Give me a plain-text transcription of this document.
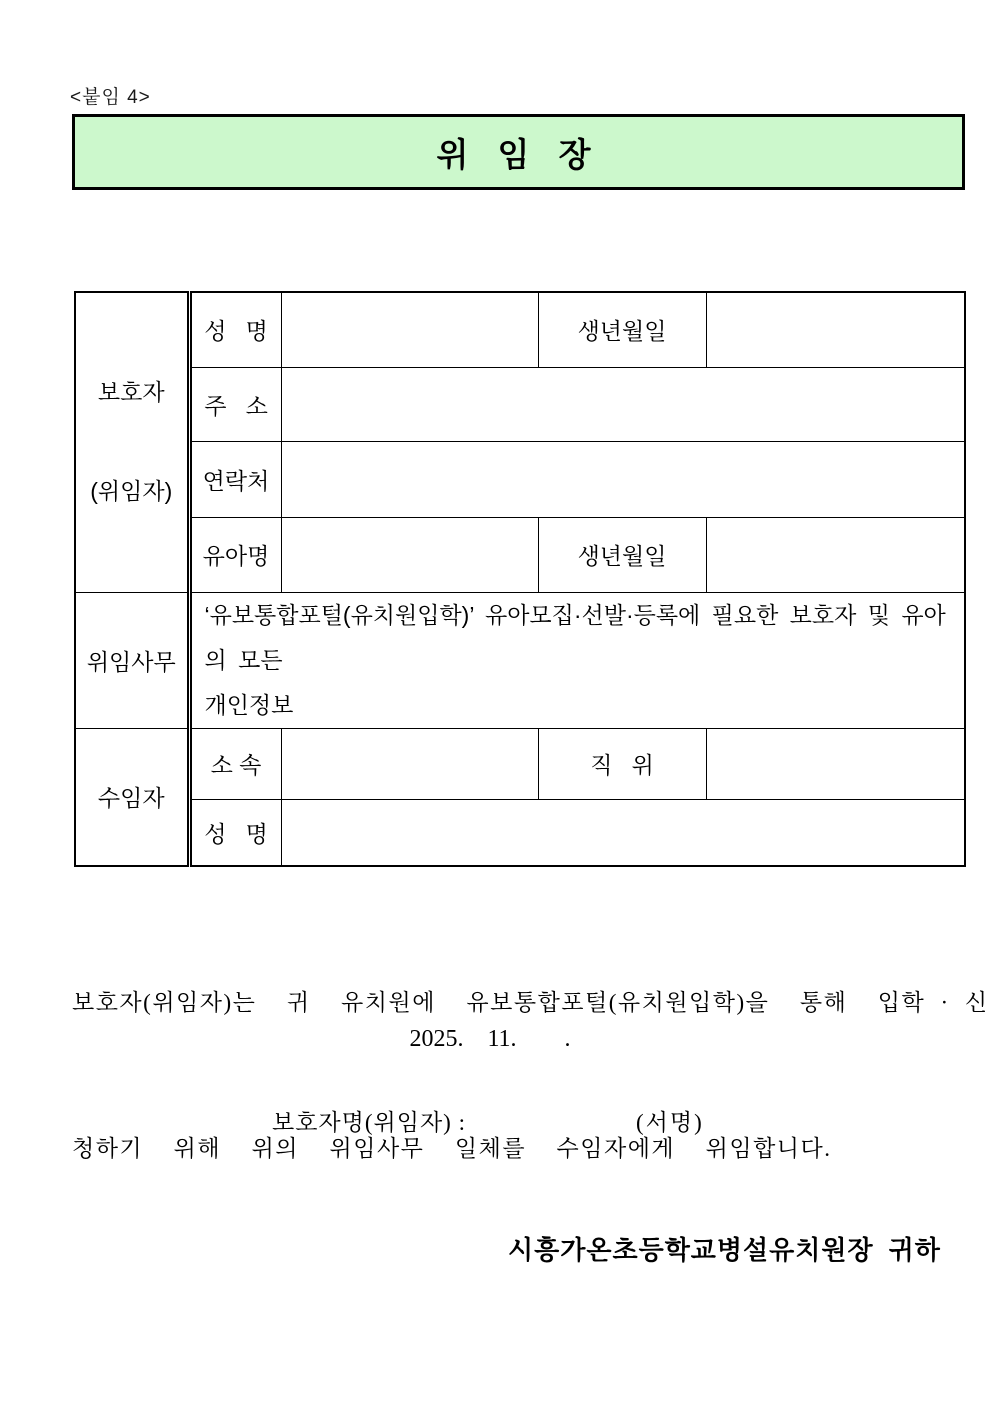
<붙임 4>
위 임 장

보호자

(위임자)	성   명		생년월일	
	주   소			
	연락처			
	유아명		생년월일	
위임사무	‘유보통합포털(유치원입학)’ 유아모집·선발·등록에 필요한 보호자 및 유아의 모든
개인정보			

수임자	소 속		직   위	
	성   명			

보호자(위임자)는  귀  유치원에  유보통합포털(유치원입학)을  통해  입학 · 신

청하기  위해  위의  위임사무  일체를  수임자에게  위임합니다.

2025.  11.    .
보호자명(위임자) :	(서명)
시흥가온초등학교병설유치원장  귀하
